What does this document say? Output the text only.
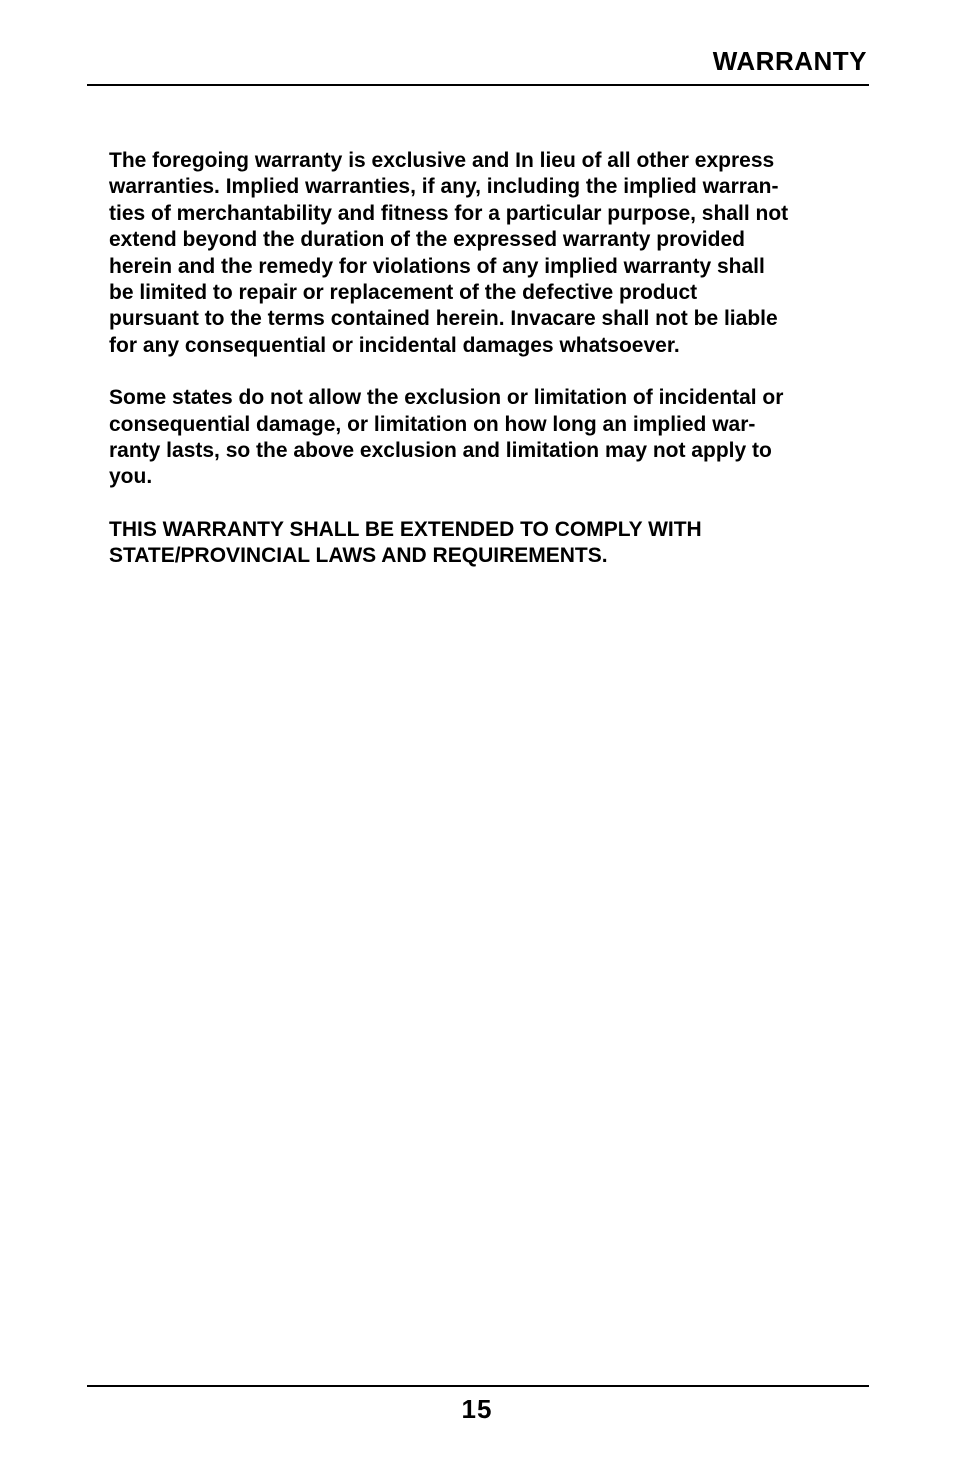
WARRANTY

The foregoing warranty is exclusive and In lieu of all other express
warranties. Implied warranties, if any, including the implied warran-
ties of merchantability and fitness for a particular purpose, shall not
extend beyond the duration of the expressed warranty provided
herein and the remedy for violations of any implied warranty shall
be limited to repair or replacement of the defective product
pursuant to the terms contained herein. Invacare shall not be liable
for any consequential or incidental damages whatsoever.

Some states do not allow the exclusion or limitation of incidental or
consequential damage, or limitation on how long an implied war-
ranty lasts, so the above exclusion and limitation may not apply to
you.

THIS WARRANTY SHALL BE EXTENDED TO COMPLY WITH
STATE/PROVINCIAL LAWS AND REQUIREMENTS.

15
